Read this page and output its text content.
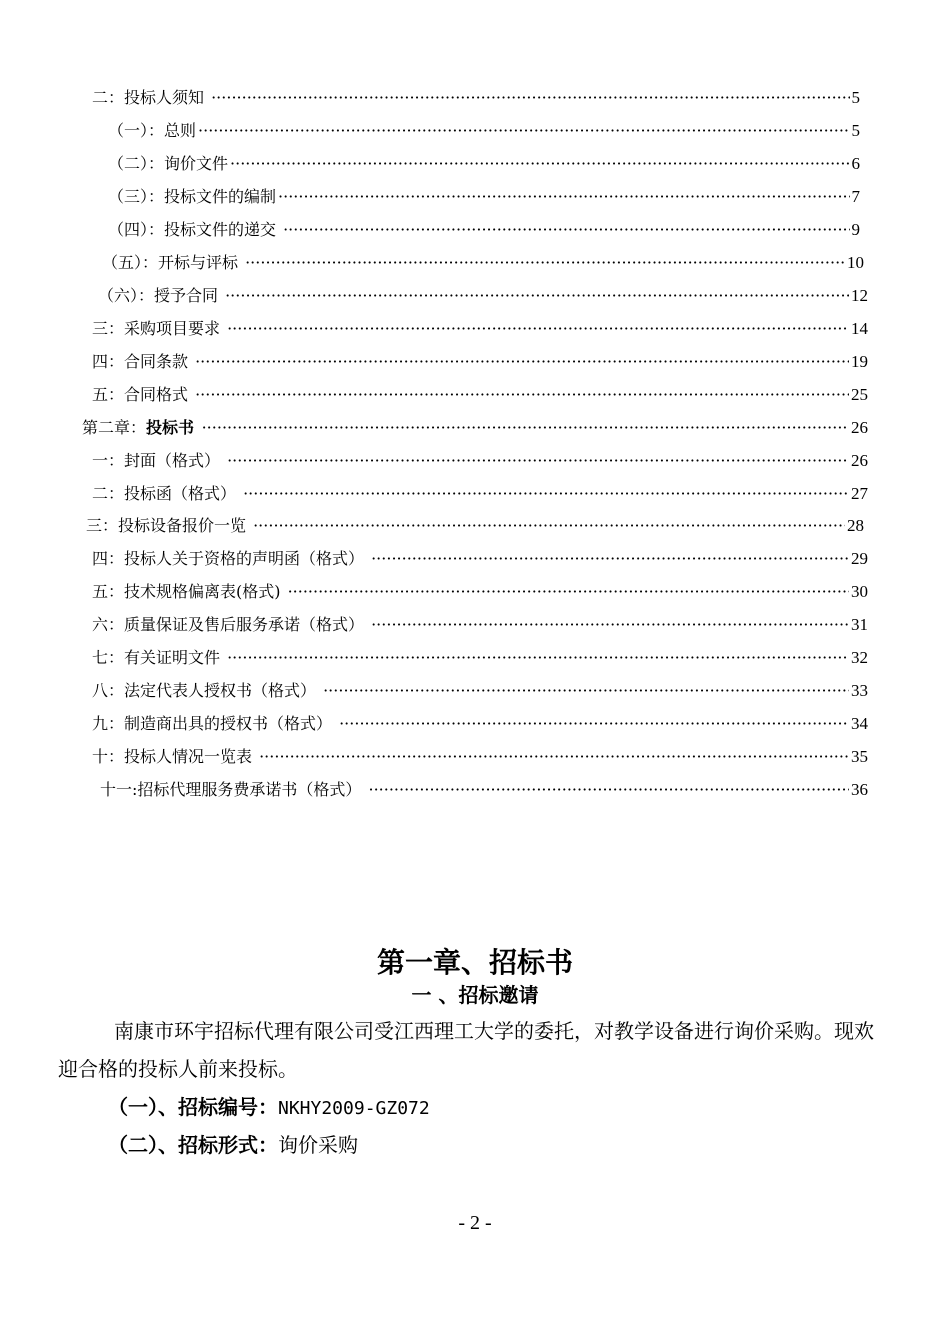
二：投标人须知 ·····	5
（一）：总则 ·····	5
（二）：询价文件 ·····	6
（三）：投标文件的编制 ·····	7
（四）：投标文件的递交 ·····	9
（五）：开标与评标 ·····	10
（六）：授予合同 ·····	12
三：采购项目要求 ·····	14
四：合同条款 ·····	19
五：合同格式 ·····	25
第二章： 投标书 ·····	26
一：封面（格式） ·····	26
二：投标函（格式） ·····	27
三：投标设备报价一览 ·····	28
四：投标人关于资格的声明函（格式） ·····	29
五：技术规格偏离表(格式) ·····	30
六：质量保证及售后服务承诺（格式） ·····	31
七：有关证明文件 ·····	32
八：法定代表人授权书（格式） ·····	33
九：制造商出具的授权书（格式） ·····	34
十：投标人情况一览表 ·····	35
十一:招标代理服务费承诺书（格式） ·····	36
第一章、招标书
一 、招标邀请
南康市环宇招标代理有限公司受江西理工大学的委托，对教学设备进行询价采购。现欢迎合格的投标人前来投标。
（一）、招标编号：NKHY2009-GZ072
（二）、招标形式：询价采购
- 2 -
